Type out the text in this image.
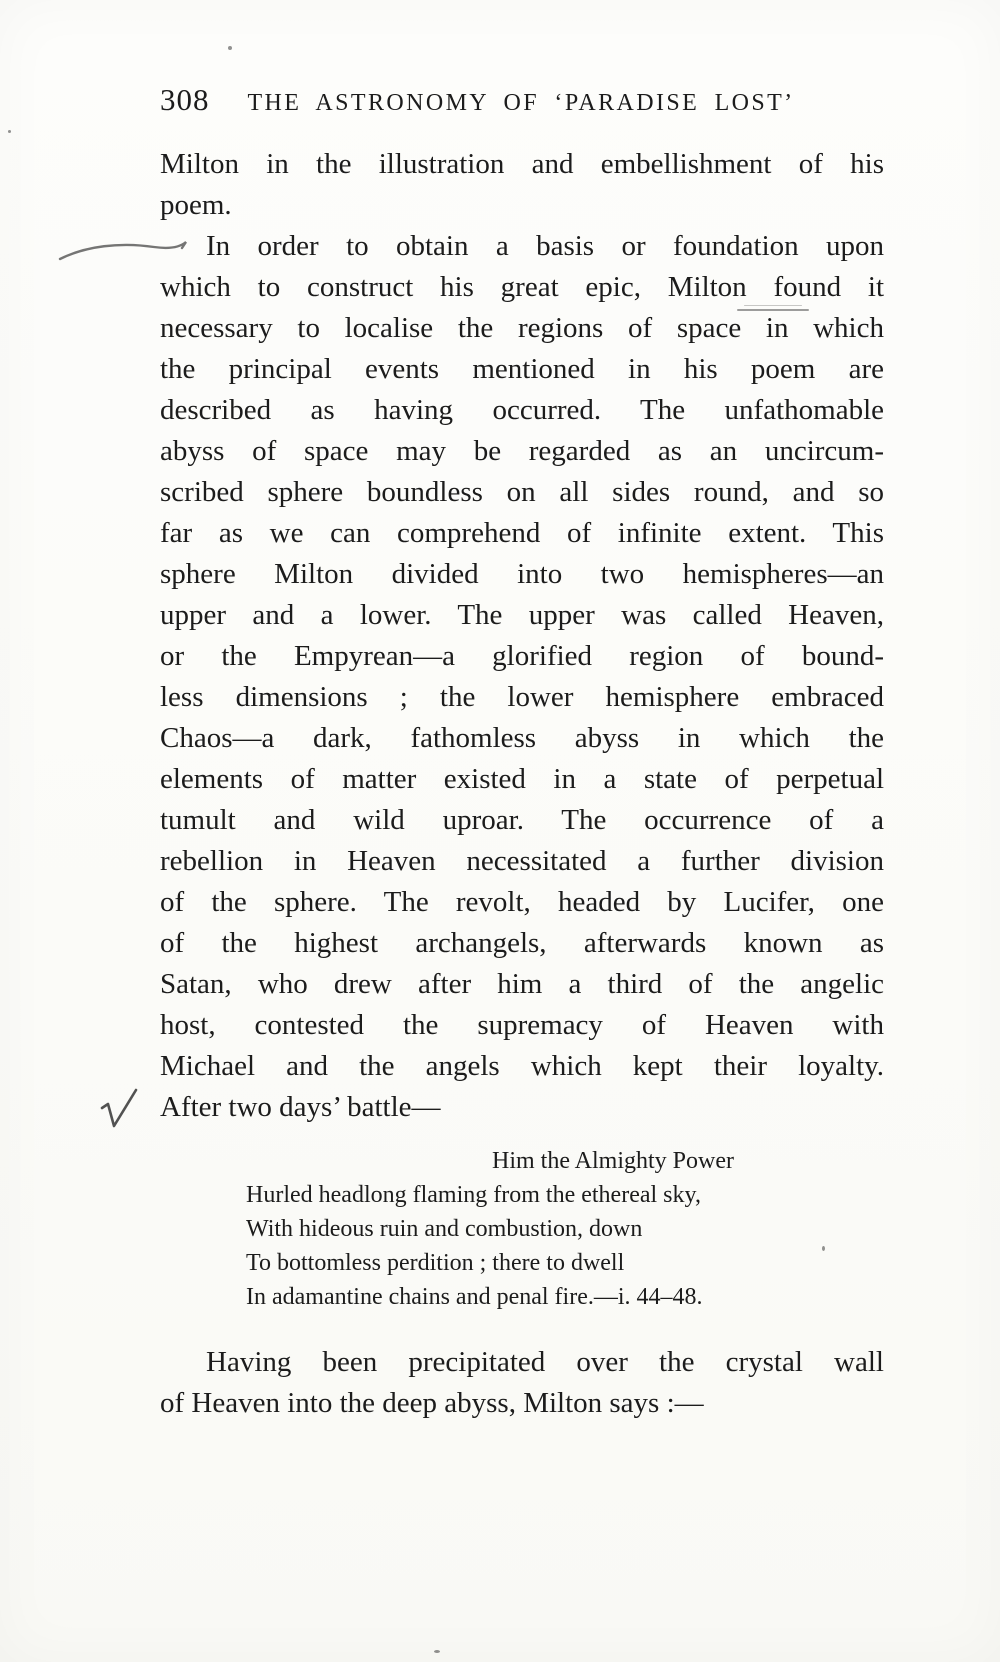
308 THE ASTRONOMY OF ‘PARADISE LOST’
Milton in the illustration and embellishment of his
poem.
In order to obtain a basis or foundation upon
which to construct his great epic, Milton found it
necessary to localise the regions of space in which
the principal events mentioned in his poem are
described as having occurred. The unfathomable
abyss of space may be regarded as an uncircum-
scribed sphere boundless on all sides round, and so
far as we can comprehend of infinite extent. This
sphere Milton divided into two hemispheres—an
upper and a lower. The upper was called Heaven,
or the Empyrean—a glorified region of bound-
less dimensions ; the lower hemisphere embraced
Chaos—a dark, fathomless abyss in which the
elements of matter existed in a state of perpetual
tumult and wild uproar. The occurrence of a
rebellion in Heaven necessitated a further division
of the sphere. The revolt, headed by Lucifer, one
of the highest archangels, afterwards known as
Satan, who drew after him a third of the angelic
host, contested the supremacy of Heaven with
Michael and the angels which kept their loyalty.
After two days’ battle—
Him the Almighty Power
Hurled headlong flaming from the ethereal sky,
With hideous ruin and combustion, down
To bottomless perdition ; there to dwell
In adamantine chains and penal fire.—i. 44–48.
Having been precipitated over the crystal wall
of Heaven into the deep abyss, Milton says :—
